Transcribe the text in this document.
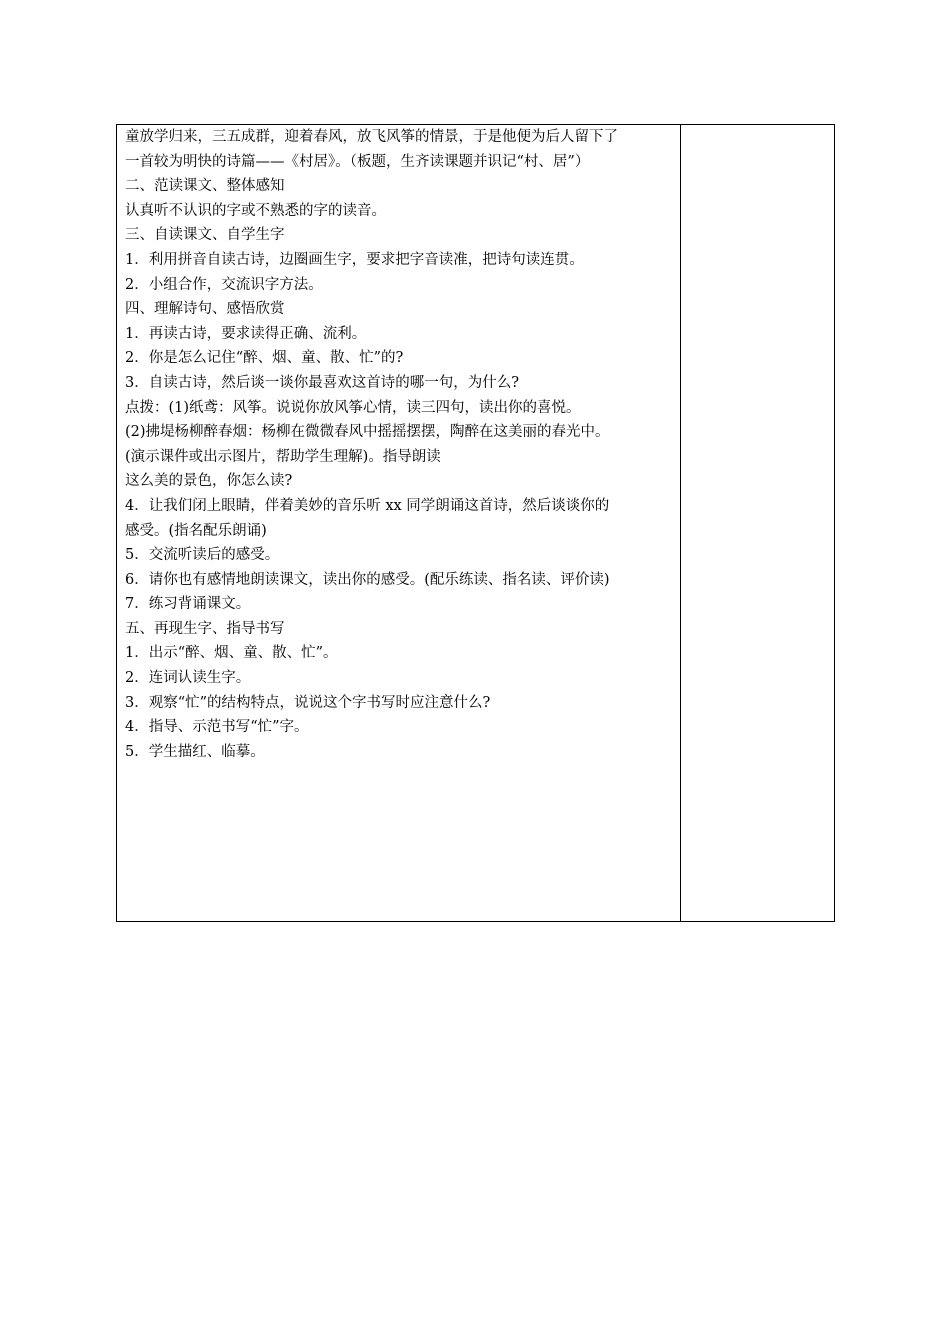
童放学归来，三五成群，迎着春风，放飞风筝的情景，于是他便为后人留下了
一首较为明快的诗篇——《村居》。（板题，生齐读课题并识记“村、居”）
二、范读课文、整体感知
认真听不认识的字或不熟悉的字的读音。
三、自读课文、自学生字
1．利用拼音自读古诗，边圈画生字，要求把字音读准，把诗句读连贯。
2．小组合作，交流识字方法。
四、理解诗句、感悟欣赏
1．再读古诗，要求读得正确、流利。
2．你是怎么记住“醉、烟、童、散、忙”的?
3．自读古诗，然后谈一谈你最喜欢这首诗的哪一句，为什么?
点拨：(1)纸鸢：风筝。说说你放风筝心情，读三四句，读出你的喜悦。
(2)拂堤杨柳醉春烟：杨柳在微微春风中摇摇摆摆，陶醉在这美丽的春光中。
(演示课件或出示图片，帮助学生理解)。指导朗读
这么美的景色，你怎么读?
4．让我们闭上眼睛，伴着美妙的音乐听 xx 同学朗诵这首诗，然后谈谈你的
感受。(指名配乐朗诵)
5．交流听读后的感受。
6．请你也有感情地朗读课文，读出你的感受。(配乐练读、指名读、评价读)
7．练习背诵课文。
五、再现生字、指导书写
1．出示“醉、烟、童、散、忙”。
2．连词认读生字。
3．观察“忙”的结构特点，说说这个字书写时应注意什么?
4．指导、示范书写“忙”字。
5．学生描红、临摹。
